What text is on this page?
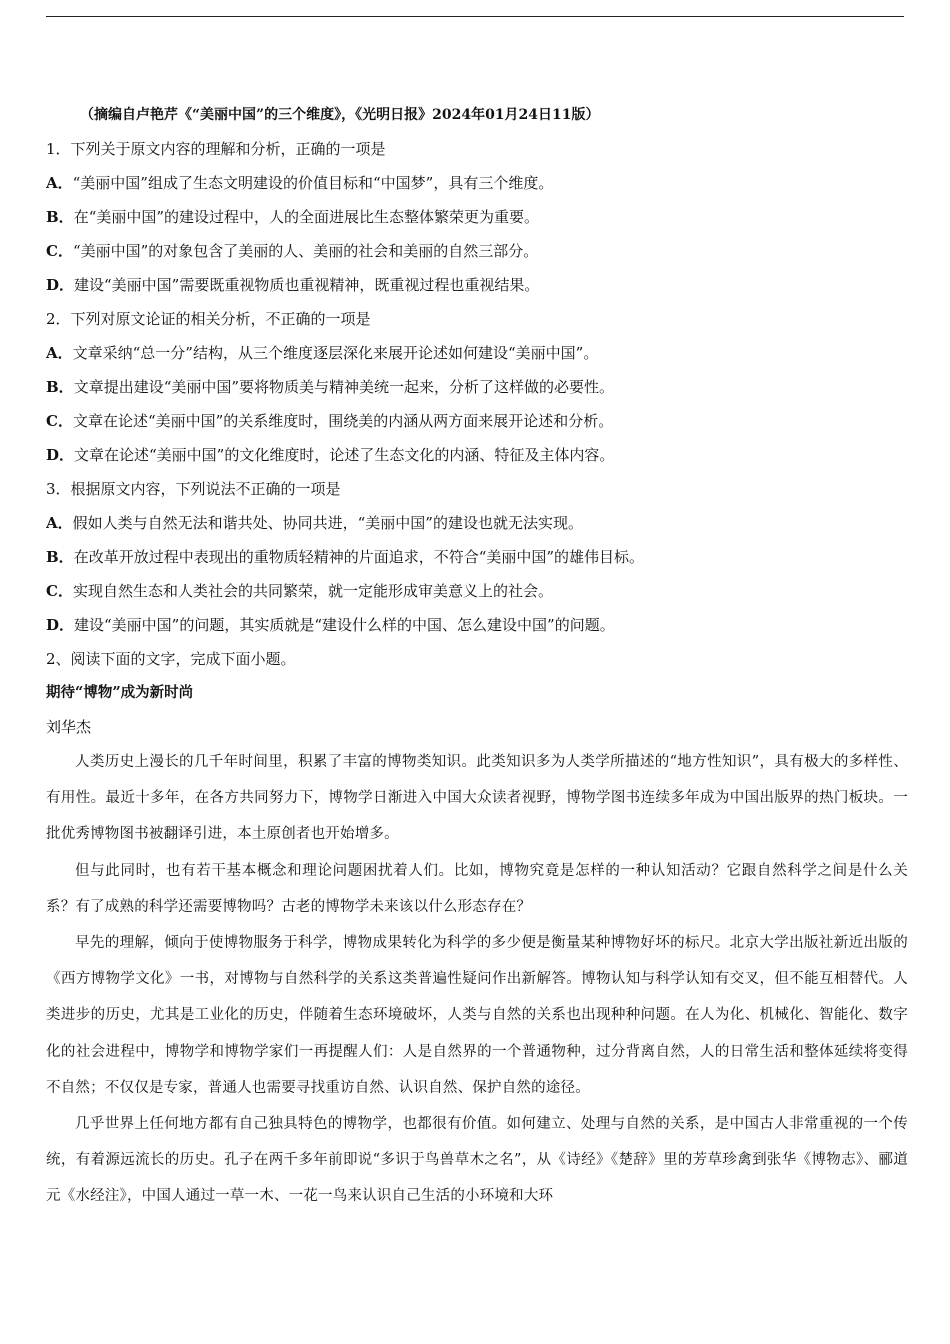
（摘编自卢艳芹《“美丽中国”的三个维度》，《光明日报》2024年01月24日11版）
1．下列关于原文内容的理解和分析，正确的一项是
A．“美丽中国”组成了生态文明建设的价值目标和“中国梦”，具有三个维度。
B．在“美丽中国”的建设过程中，人的全面进展比生态整体繁荣更为重要。
C．“美丽中国”的对象包含了美丽的人、美丽的社会和美丽的自然三部分。
D．建设“美丽中国”需要既重视物质也重视精神，既重视过程也重视结果。
2．下列对原文论证的相关分析，不正确的一项是
A．文章采纳“总一分”结构，从三个维度逐层深化来展开论述如何建设“美丽中国”。
B．文章提出建设“美丽中国”要将物质美与精神美统一起来，分析了这样做的必要性。
C．文章在论述“美丽中国”的关系维度时，围绕美的内涵从两方面来展开论述和分析。
D．文章在论述“美丽中国”的文化维度时，论述了生态文化的内涵、特征及主体内容。
3．根据原文内容，下列说法不正确的一项是
A．假如人类与自然无法和谐共处、协同共进，“美丽中国”的建设也就无法实现。
B．在改革开放过程中表现出的重物质轻精神的片面追求，不符合“美丽中国”的雄伟目标。
C．实现自然生态和人类社会的共同繁荣，就一定能形成审美意义上的社会。
D．建设“美丽中国”的问题，其实质就是“建设什么样的中国、怎么建设中国”的问题。
2、阅读下面的文字，完成下面小题。
期待“博物”成为新时尚
刘华杰

人类历史上漫长的几千年时间里，积累了丰富的博物类知识。此类知识多为人类学所描述的“地方性知识”，具有极大的多样性、有用性。最近十多年，在各方共同努力下，博物学日渐进入中国大众读者视野，博物学图书连续多年成为中国出版界的热门板块。一批优秀博物图书被翻译引进，本土原创者也开始增多。

但与此同时，也有若干基本概念和理论问题困扰着人们。比如，博物究竟是怎样的一种认知活动？它跟自然科学之间是什么关系？有了成熟的科学还需要博物吗？古老的博物学未来该以什么形态存在？

早先的理解，倾向于使博物服务于科学，博物成果转化为科学的多少便是衡量某种博物好坏的标尺。北京大学出版社新近出版的《西方博物学文化》一书，对博物与自然科学的关系这类普遍性疑问作出新解答。博物认知与科学认知有交叉，但不能互相替代。人类进步的历史，尤其是工业化的历史，伴随着生态环境破坏，人类与自然的关系也出现种种问题。在人为化、机械化、智能化、数字化的社会进程中，博物学和博物学家们一再提醒人们：人是自然界的一个普通物种，过分背离自然，人的日常生活和整体延续将变得不自然；不仅仅是专家，普通人也需要寻找重访自然、认识自然、保护自然的途径。

几乎世界上任何地方都有自己独具特色的博物学，也都很有价值。如何建立、处理与自然的关系，是中国古人非常重视的一个传统，有着源远流长的历史。孔子在两千多年前即说“多识于鸟兽草木之名”，从《诗经》《楚辞》里的芳草珍禽到张华《博物志》、郦道元《水经注》，中国人通过一草一木、一花一鸟来认识自己生活的小环境和大环
